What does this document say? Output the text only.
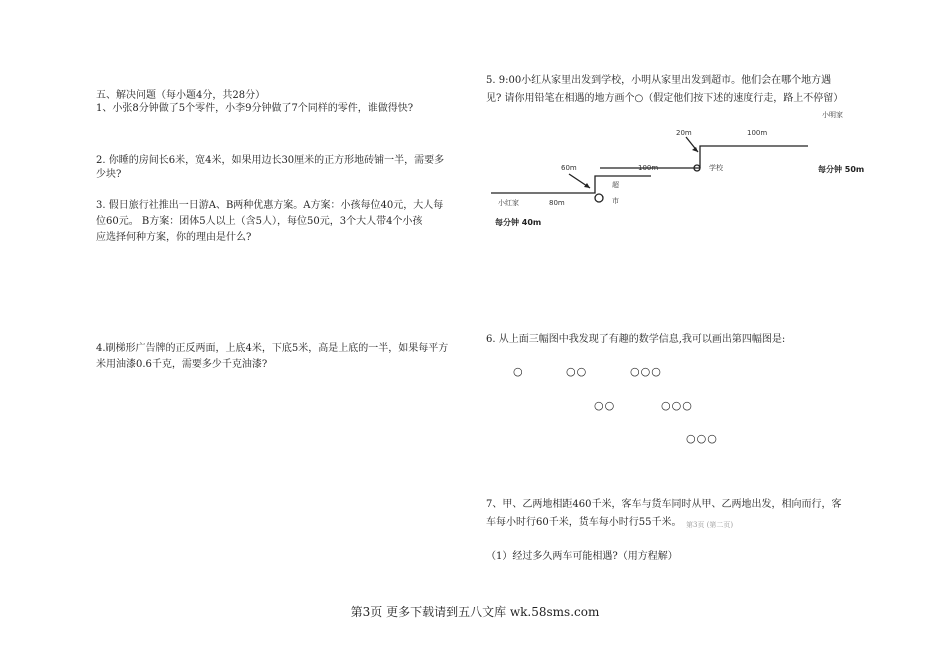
五、解决问题（每小题4分，共28分）
1、小张8分钟做了5个零件，小李9分钟做了7个同样的零件，谁做得快?
2. 你睡的房间长6米，宽4米，如果用边长30厘米的正方形地砖铺一半，需要多
少块?
3. 假日旅行社推出一日游A、B两种优惠方案。A方案：小孩每位40元，大人每
位60元。 B方案：团体5人以上（含5人），每位50元，3个大人带4个小孩
应选择何种方案，你的理由是什么?
4.刷梯形广告牌的正反两面，上底4米，下底5米，高是上底的一半，如果每平方
米用油漆0.6千克，需要多少千克油漆?
5. 9:00小红从家里出发到学校，小明从家里出发到超市。他们会在哪个地方遇
见? 请你用铅笔在相遇的地方画个○（假定他们按下述的速度行走，路上不停留）
小明家
20m	100m
学校
100m
60m
超
市
小红家	80m
每分钟 50m
每分钟 40m
6. 从上面三幅图中我发现了有趣的数学信息,我可以画出第四幅图是:
○	○○	○○○
○○	○○○
○○○
7、甲、乙两地相距460千米，客车与货车同时从甲、乙两地出发，相向而行，客
车每小时行60千米，货车每小时行55千米。 第3页 (第二页)
（1）经过多久两车可能相遇?（用方程解）
第3页 更多下载请到五八文库 wk.58sms.com
